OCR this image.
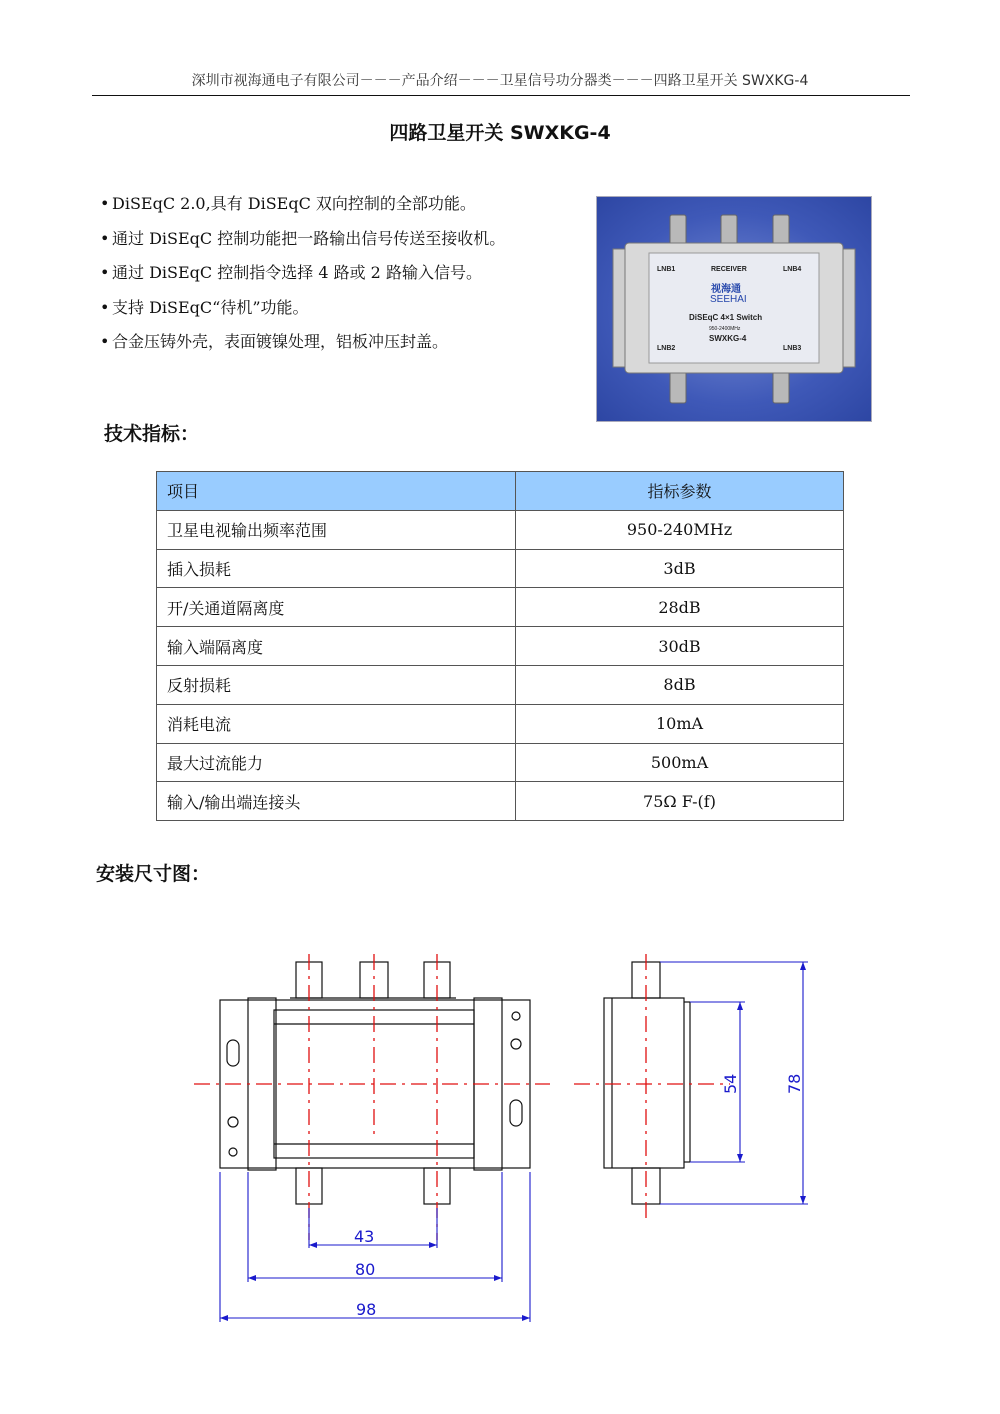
深圳市视海通电子有限公司－－－产品介绍－－－卫星信号功分器类－－－四路卫星开关 SWXKG-4
四路卫星开关 SWXKG-4
• DiSEqC 2.0,具有 DiSEqC 双向控制的全部功能。
• 通过 DiSEqC 控制功能把一路输出信号传送至接收机。
• 通过 DiSEqC 控制指令选择 4 路或 2 路输入信号。
• 支持 DiSEqC“待机”功能。
• 合金压铸外壳，表面镀镍处理，铝板冲压封盖。
LNB1	RECEIVER	LNB4
视海通
SEEHAI
DiSEqC 4×1 Switch
950-2400MHz
SWXKG-4
LNB2	LNB3
技术指标：
项目	指标参数
卫星电视输出频率范围	950-240MHz
插入损耗	3dB
开/关通道隔离度	28dB
输入端隔离度	30dB
反射损耗	8dB
消耗电流	10mA
最大过流能力	500mA
输入/输出端连接头	75Ω F-(f)
安装尺寸图：
43
80
98
54	78
